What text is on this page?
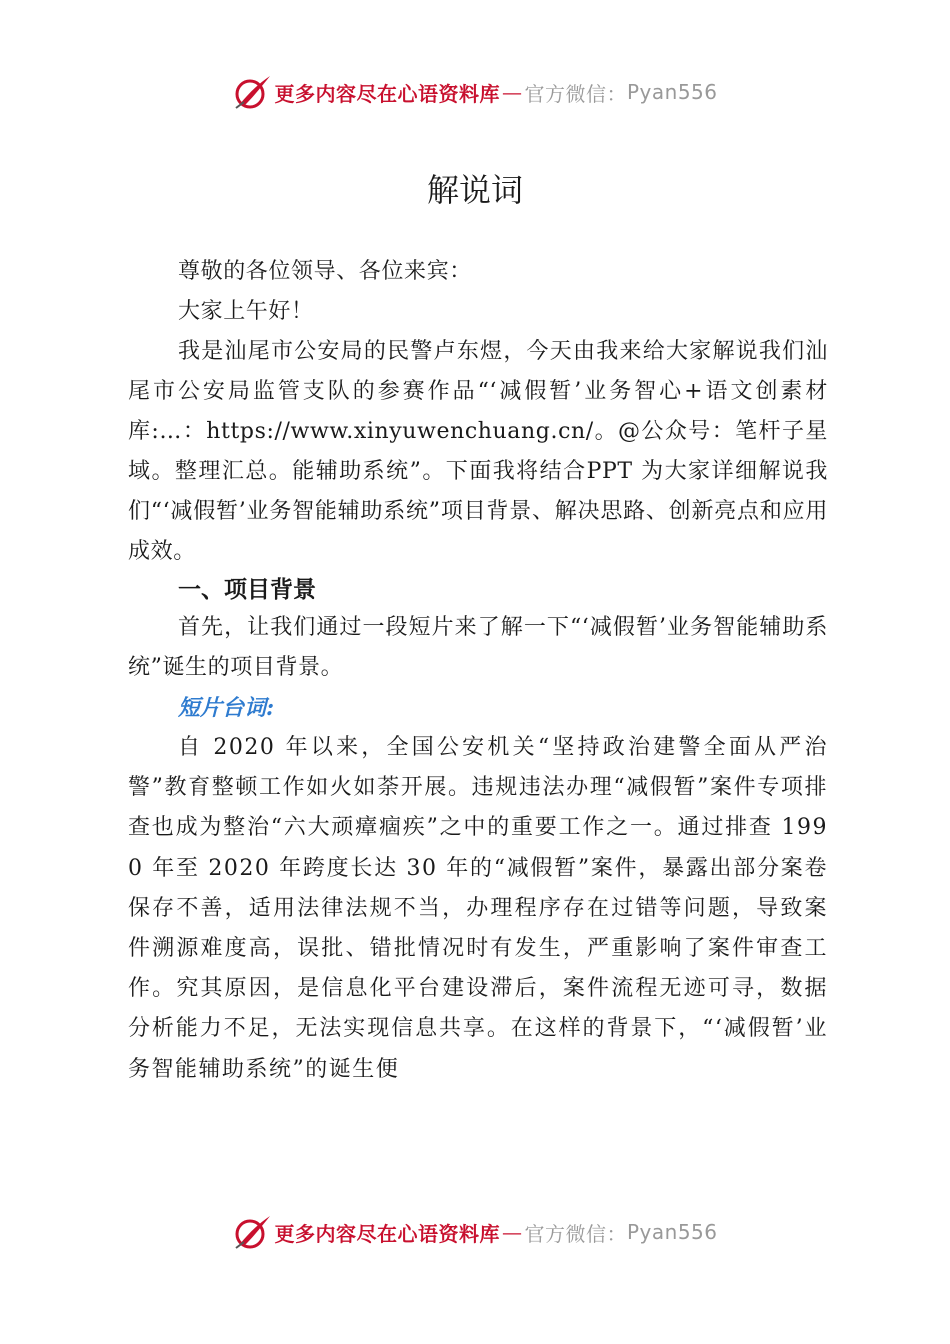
更多内容尽在心语资料库 — 官方微信： Pyan556
解说词

尊敬的各位领导、各位来宾：

大家上午好！

我是汕尾市公安局的民警卢东煜，今天由我来给大家解说我们汕尾市公安局监管支队的参赛作品“‘减假暂’业务智心+语文创素材库:…：https://www.xinyuwenchuang.cn/。@公众号：笔杆子星域。整理汇总。能辅助系统”。下面我将结合PPT 为大家详细解说我们“‘减假暂’业务智能辅助系统”项目背景、解决思路、创新亮点和应用成效。

一、项目背景

首先，让我们通过一段短片来了解一下“‘减假暂’业务智能辅助系统”诞生的项目背景。

短片台词:

自 2020 年以来，全国公安机关“坚持政治建警全面从严治警”教育整顿工作如火如荼开展。违规违法办理“减假暂”案件专项排查也成为整治“六大顽瘴痼疾”之中的重要工作之一。通过排查 1990 年至 2020 年跨度长达 30 年的“减假暂”案件，暴露出部分案卷保存不善，适用法律法规不当，办理程序存在过错等问题，导致案件溯源难度高，误批、错批情况时有发生，严重影响了案件审查工作。究其原因，是信息化平台建设滞后，案件流程无迹可寻，数据分析能力不足，无法实现信息共享。在这样的背景下，“‘减假暂’业务智能辅助系统”的诞生便

更多内容尽在心语资料库 — 官方微信： Pyan556
